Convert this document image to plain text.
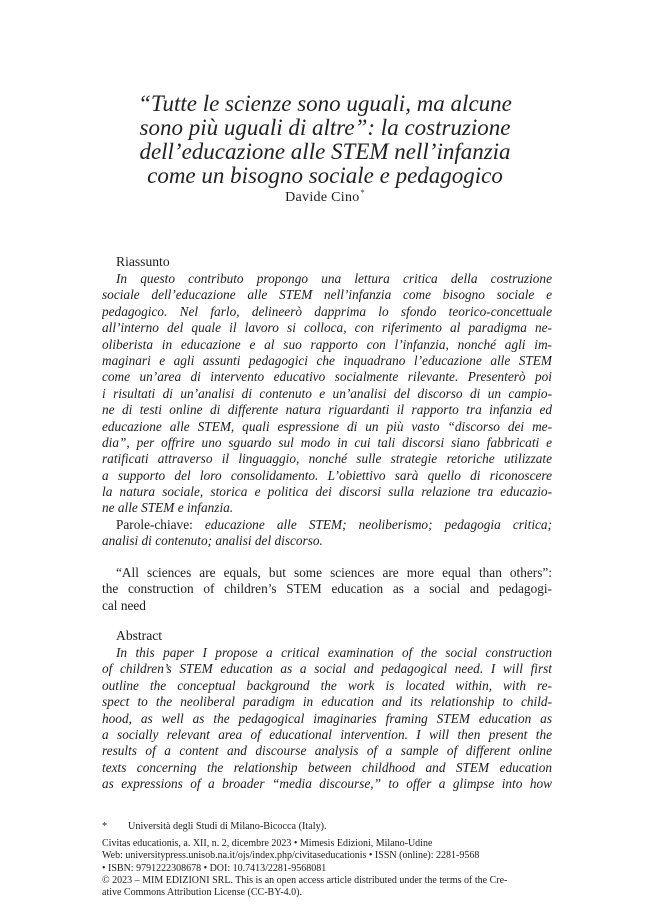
“Tutte le scienze sono uguali, ma alcune
sono più uguali di altre”: la costruzione
dell’educazione alle STEM nell’infanzia
come un bisogno sociale e pedagogico
Davide Cino*
Riassunto
In questo contributo propongo una lettura critica della costruzione
sociale dell’educazione alle STEM nell’infanzia come bisogno sociale e
pedagogico. Nel farlo, delineerò dapprima lo sfondo teorico-concettuale
all’interno del quale il lavoro si colloca, con riferimento al paradigma ne-
oliberista in educazione e al suo rapporto con l’infanzia, nonché agli im-
maginari e agli assunti pedagogici che inquadrano l’educazione alle STEM
come un’area di intervento educativo socialmente rilevante. Presenterò poi
i risultati di un’analisi di contenuto e un’analisi del discorso di un campio-
ne di testi online di differente natura riguardanti il rapporto tra infanzia ed
educazione alle STEM, quali espressione di un più vasto “discorso dei me-
dia”, per offrire uno sguardo sul modo in cui tali discorsi siano fabbricati e
ratificati attraverso il linguaggio, nonché sulle strategie retoriche utilizzate
a supporto del loro consolidamento. L’obiettivo sarà quello di riconoscere
la natura sociale, storica e politica dei discorsi sulla relazione tra educazio-
ne alle STEM e infanzia.
Parole-chiave: educazione alle STEM; neoliberismo; pedagogia critica;
analisi di contenuto; analisi del discorso.
“All sciences are equals, but some sciences are more equal than others”:
the construction of children’s STEM education as a social and pedagogi-
cal need
Abstract
In this paper I propose a critical examination of the social construction
of children’s STEM education as a social and pedagogical need. I will first
outline the conceptual background the work is located within, with re-
spect to the neoliberal paradigm in education and its relationship to child-
hood, as well as the pedagogical imaginaries framing STEM education as
a socially relevant area of educational intervention. I will then present the
results of a content and discourse analysis of a sample of different online
texts concerning the relationship between childhood and STEM education
as expressions of a broader “media discourse,” to offer a glimpse into how
* Università degli Studi di Milano-Bicocca (Italy).
Civitas educationis, a. XII, n. 2, dicembre 2023 • Mimesis Edizioni, Milano-Udine
Web: universitypress.unisob.na.it/ojs/index.php/civitaseducationis • ISSN (online): 2281-9568
• ISBN: 9791222308678 • DOI: 10.7413/2281-9568081
© 2023 – MIM EDIZIONI SRL. This is an open access article distributed under the terms of the Cre-
ative Commons Attribution License (CC-BY-4.0).
